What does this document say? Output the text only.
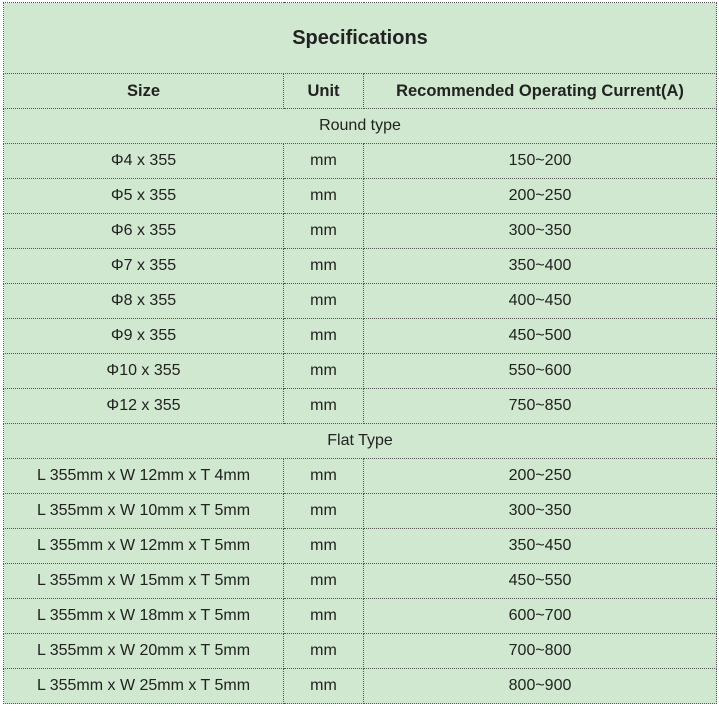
Specifications		
Size	Unit	Recommended Operating Current(A)
Round type		
Φ4 x 355	mm	150~200
Φ5 x 355	mm	200~250
Φ6 x 355	mm	300~350
Φ7 x 355	mm	350~400
Φ8 x 355	mm	400~450
Φ9 x 355	mm	450~500
Φ10 x 355	mm	550~600
Φ12 x 355	mm	750~850
Flat Type		
L 355mm x W 12mm x T 4mm	mm	200~250
L 355mm x W 10mm x T 5mm	mm	300~350
L 355mm x W 12mm x T 5mm	mm	350~450
L 355mm x W 15mm x T 5mm	mm	450~550
L 355mm x W 18mm x T 5mm	mm	600~700
L 355mm x W 20mm x T 5mm	mm	700~800
L 355mm x W 25mm x T 5mm	mm	800~900
